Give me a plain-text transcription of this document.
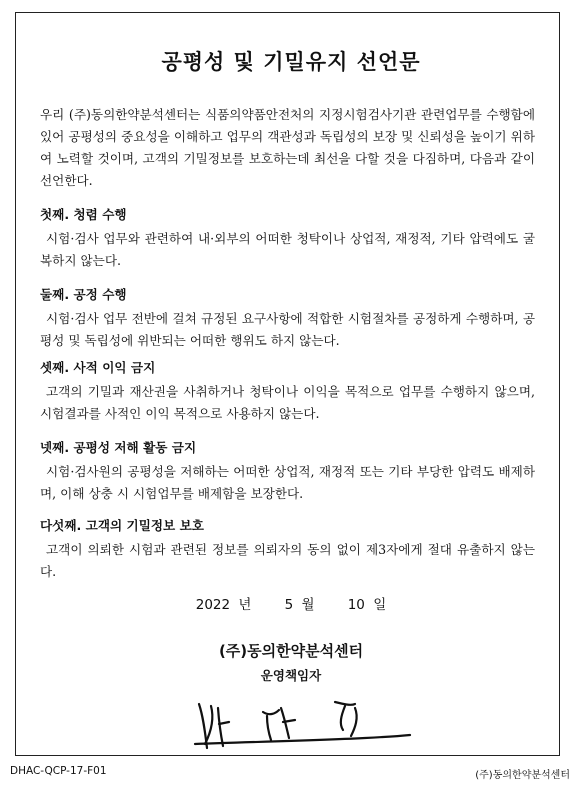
공평성 및 기밀유지 선언문

우리 (주)동의한약분석센터는 식품의약품안전처의 지정시험검사기관 관련업무를 수행함에 있어 공평성의 중요성을 이해하고 업무의 객관성과 독립성의 보장 및 신뢰성을 높이기 위하여 노력할 것이며, 고객의 기밀정보를 보호하는데 최선을 다할 것을 다짐하며, 다음과 같이 선언한다.

첫째. 청렴 수행

시험·검사 업무와 관련하여 내·외부의 어떠한 청탁이나 상업적, 재정적, 기타 압력에도 굴복하지 않는다.

둘째. 공정 수행

시험·검사 업무 전반에 걸쳐 규정된 요구사항에 적합한 시험절차를 공정하게 수행하며, 공평성 및 독립성에 위반되는 어떠한 행위도 하지 않는다.

셋째. 사적 이익 금지

고객의 기밀과 재산권을 사취하거나 청탁이나 이익을 목적으로 업무를 수행하지 않으며, 시험결과를 사적인 이익 목적으로 사용하지 않는다.

넷째. 공평성 저해 활동 금지

시험·검사원의 공평성을 저해하는 어떠한 상업적, 재정적 또는 기타 부당한 압력도 배제하며, 이해 상충 시 시험업무를 배제함을 보장한다.

다섯째. 고객의 기밀정보 보호

고객이 의뢰한 시험과 관련된 정보를 의뢰자의 동의 없이 제3자에게 절대 유출하지 않는다.

2022 년 5 월 10 일
(주)동의한약분석센터
운영책임자
DHAC-QCP-17-F01	(주)동의한약분석센터
